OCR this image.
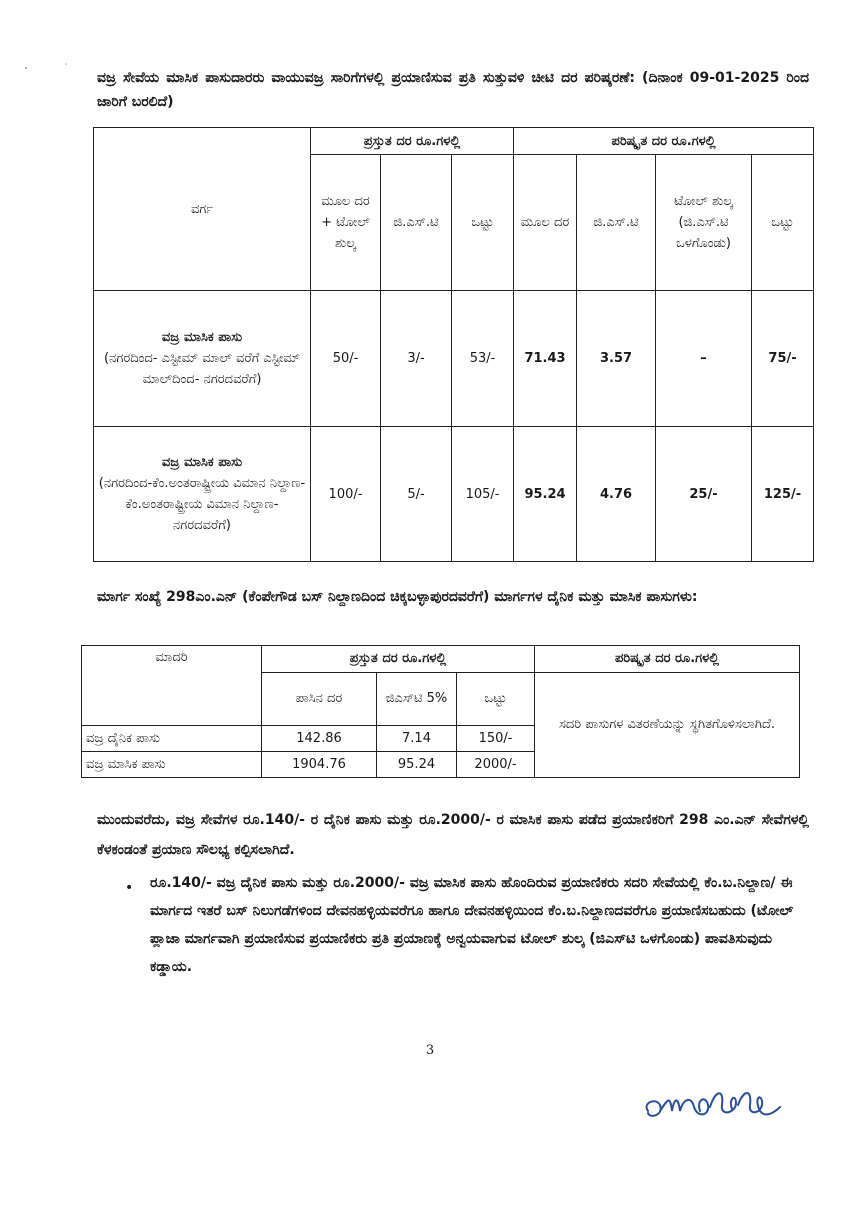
ವಜ್ರ ಸೇವೆಯ ಮಾಸಿಕ ಪಾಸುದಾರರು ವಾಯುವಜ್ರ ಸಾರಿಗೆಗಳಲ್ಲಿ ಪ್ರಯಾಣಿಸುವ ಪ್ರತಿ ಸುತ್ತುವಳಿ ಚೀಟಿ ದರ ಪರಿಷ್ಕರಣೆ: (ದಿನಾಂಕ 09-01-2025 ರಿಂದ ಜಾರಿಗೆ ಬರಲಿದೆ)
ವರ್ಗ	ಪ್ರಸ್ತುತ ದರ ರೂ.ಗಳಲ್ಲಿ			ಪರಿಷ್ಕೃತ ದರ ರೂ.ಗಳಲ್ಲಿ			
	ಮೂಲ ದರ + ಟೋಲ್ ಶುಲ್ಕ	ಜಿ.ಎಸ್.ಟಿ	ಒಟ್ಟು	ಮೂಲ ದರ	ಜಿ.ಎಸ್.ಟಿ	ಟೋಲ್ ಶುಲ್ಕ (ಜಿ.ಎಸ್.ಟಿ ಒಳಗೊಂಡು)	ಒಟ್ಟು

ವಜ್ರ ಮಾಸಿಕ ಪಾಸು
(ನಗರದಿಂದ- ಎಸ್ಟೀಮ್ ಮಾಲ್ ವರೆಗೆ ಎಸ್ಟೀಮ್ ಮಾಲ್‌ದಿಂದ- ನಗರದವರೆಗೆ)	50/-	3/-	53/-	71.43	3.57	–	75/-

ವಜ್ರ ಮಾಸಿಕ ಪಾಸು
(ನಗರದಿಂದ-ಕೆಂ.ಅಂತರಾಷ್ಟ್ರೀಯ ವಿಮಾನ ನಿಲ್ದಾಣ- ಕೆಂ.ಅಂತರಾಷ್ಟ್ರೀಯ ವಿಮಾನ ನಿಲ್ದಾಣ-ನಗರದವರೆಗೆ)	100/-	5/-	105/-	95.24	4.76	25/-	125/-
ಮಾರ್ಗ ಸಂಖ್ಯೆ 298ಎಂ.ಎನ್ (ಕೆಂಪೇಗೌಡ ಬಸ್ ನಿಲ್ದಾಣದಿಂದ ಚಿಕ್ಕಬಳ್ಳಾಪುರದವರೆಗೆ) ಮಾರ್ಗಗಳ ದೈನಿಕ ಮತ್ತು ಮಾಸಿಕ ಪಾಸುಗಳು:
ಮಾದರಿ	ಪ್ರಸ್ತುತ ದರ ರೂ.ಗಳಲ್ಲಿ			ಪರಿಷ್ಕೃತ ದರ ರೂ.ಗಳಲ್ಲಿ
	ಪಾಸಿನ ದರ	ಜಿಎಸ್‌ಟಿ 5%	ಒಟ್ಟು	ಸದರಿ ಪಾಸುಗಳ ವಿತರಣೆಯನ್ನು ಸ್ಥಗಿತಗೊಳಿಸಲಾಗಿದೆ.
ವಜ್ರ ದೈನಿಕ ಪಾಸು	142.86	7.14	150/-	
ವಜ್ರ ಮಾಸಿಕ ಪಾಸು	1904.76	95.24	2000/-	
ಮುಂದುವರೆದು, ವಜ್ರ ಸೇವೆಗಳ ರೂ.140/- ರ ದೈನಿಕ ಪಾಸು ಮತ್ತು ರೂ.2000/- ರ ಮಾಸಿಕ ಪಾಸು ಪಡೆದ ಪ್ರಯಾಣಿಕರಿಗೆ 298 ಎಂ.ಎನ್ ಸೇವೆಗಳಲ್ಲಿ ಕೆಳಕಂಡಂತೆ ಪ್ರಯಾಣ ಸೌಲಭ್ಯ ಕಲ್ಪಿಸಲಾಗಿದೆ.
• ರೂ.140/- ವಜ್ರ ದೈನಿಕ ಪಾಸು ಮತ್ತು ರೂ.2000/- ವಜ್ರ ಮಾಸಿಕ ಪಾಸು ಹೊಂದಿರುವ ಪ್ರಯಾಣಿಕರು ಸದರಿ ಸೇವೆಯಲ್ಲಿ ಕೆಂ.ಬ.ನಿಲ್ದಾಣ/ ಈ ಮಾರ್ಗದ ಇತರೆ ಬಸ್ ನಿಲುಗಡೆಗಳಿಂದ ದೇವನಹಳ್ಳಿಯವರೆಗೂ ಹಾಗೂ ದೇವನಹಳ್ಳಿಯಿಂದ ಕೆಂ.ಬ.ನಿಲ್ದಾಣದವರೆಗೂ ಪ್ರಯಾಣಿಸಬಹುದು (ಟೋಲ್ ಪ್ಲಾಜಾ ಮಾರ್ಗವಾಗಿ ಪ್ರಯಾಣಿಸುವ ಪ್ರಯಾಣಿಕರು ಪ್ರತಿ ಪ್ರಯಾಣಕ್ಕೆ ಅನ್ವಯವಾಗುವ ಟೋಲ್ ಶುಲ್ಕ (ಜಿಎಸ್‌ಟಿ ಒಳಗೊಂಡು) ಪಾವತಿಸುವುದು ಕಡ್ಡಾಯ.
3
